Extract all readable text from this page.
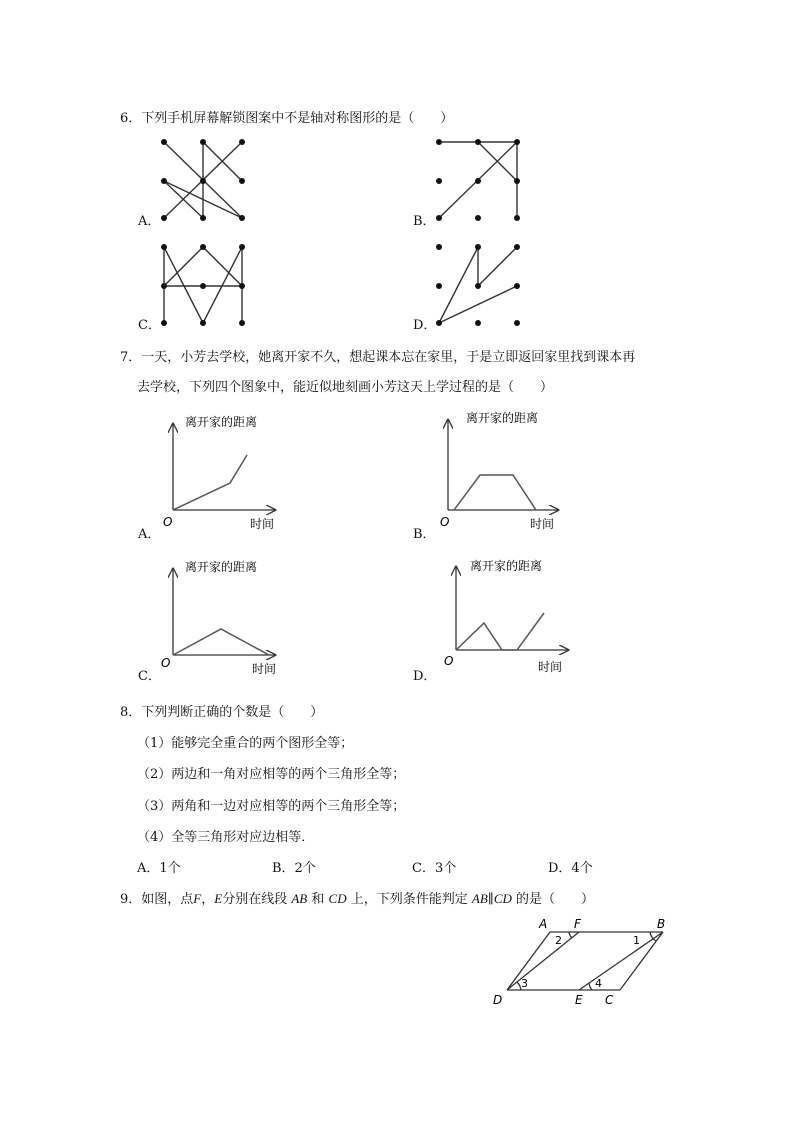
6．下列手机屏幕解锁图案中不是轴对称图形的是（　　）
A．	B．
C．	D．
7．一天，小芳去学校，她离开家不久，想起课本忘在家里，于是立即返回家里找到课本再
去学校，下列四个图象中，能近似地刻画小芳这天上学过程的是（　　）
A．	B．
C．	D．
离开家的距离
O	时间
离开家的距离
O	时间
离开家的距离
O	时间
离开家的距离
O	时间
8．下列判断正确的个数是（　　）
（1）能够完全重合的两个图形全等；
（2）两边和一角对应相等的两个三角形全等；
（3）两角和一边对应相等的两个三角形全等；
（4）全等三角形对应边相等．
A．1个	B．2个	C．3个	D．4个
9．如图，点F，E分别在线段 AB 和 CD 上，下列条件能判定 AB∥CD 的是（　　）
A F	B
D	E C
1
2
3	4
